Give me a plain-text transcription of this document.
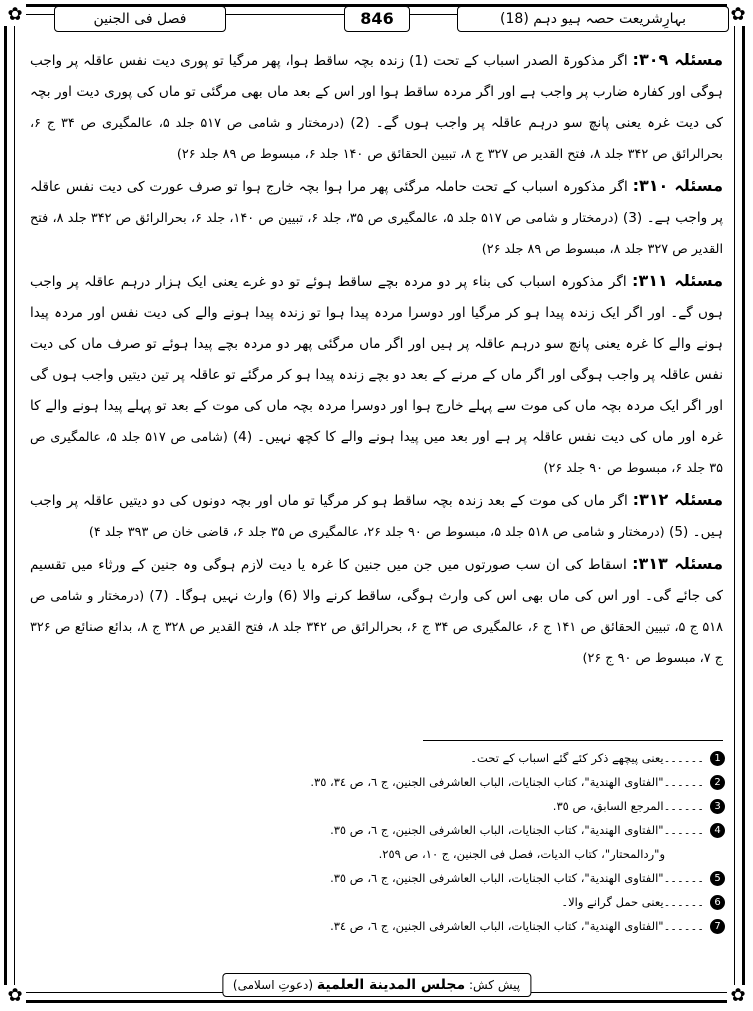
✿	✿
✿	✿
فصل فی الجنین	846	بہارِشریعت حصہ ہیو دہم (18)

مسئلہ ۳۰۹: اگر مذکورۃ الصدر اسباب کے تحت (1) زندہ بچہ ساقط ہوا، پھر مرگیا تو پوری دیت نفس عاقلہ پر واجب ہوگی اور کفارہ ضارب پر واجب ہے اور اگر مردہ ساقط ہوا اور اس کے بعد ماں بھی مرگئی تو ماں کی پوری دیت اور بچہ کی دیت غرہ یعنی پانچ سو درہم عاقلہ پر واجب ہوں گے۔ (2) (درمختار و شامی ص ۵۱۷ جلد ۵، عالمگیری ص ۳۴ ج ۶، بحرالرائق ص ۳۴۲ جلد ۸، فتح القدیر ص ۳۲۷ ج ۸، تبیین الحقائق ص ۱۴۰ جلد ۶، مبسوط ص ۸۹ جلد ۲۶)

مسئلہ ۳۱۰: اگر مذکورہ اسباب کے تحت حاملہ مرگئی پھر مرا ہوا بچہ خارج ہوا تو صرف عورت کی دیت نفس عاقلہ پر واجب ہے۔ (3) (درمختار و شامی ص ۵۱۷ جلد ۵، عالمگیری ص ۳۵، جلد ۶، تبیین ص ۱۴۰، جلد ۶، بحرالرائق ص ۳۴۲ جلد ۸، فتح القدیر ص ۳۲۷ جلد ۸، مبسوط ص ۸۹ جلد ۲۶)

مسئلہ ۳۱۱: اگر مذکورہ اسباب کی بناء پر دو مردہ بچے ساقط ہوئے تو دو غرے یعنی ایک ہزار درہم عاقلہ پر واجب ہوں گے۔ اور اگر ایک زندہ پیدا ہو کر مرگیا اور دوسرا مردہ پیدا ہوا تو زندہ پیدا ہونے والے کی دیت نفس اور مردہ پیدا ہونے والے کا غرہ یعنی پانچ سو درہم عاقلہ پر ہیں اور اگر ماں مرگئی پھر دو مردہ بچے پیدا ہوئے تو صرف ماں کی دیت نفس عاقلہ پر واجب ہوگی اور اگر ماں کے مرنے کے بعد دو بچے زندہ پیدا ہو کر مرگئے تو عاقلہ پر تین دیتیں واجب ہوں گی اور اگر ایک مردہ بچہ ماں کی موت سے پہلے خارج ہوا اور دوسرا مردہ بچہ ماں کی موت کے بعد تو پہلے پیدا ہونے والے کا غرہ اور ماں کی دیت نفس عاقلہ پر ہے اور بعد میں پیدا ہونے والے کا کچھ نہیں۔ (4) (شامی ص ۵۱۷ جلد ۵، عالمگیری ص ۳۵ جلد ۶، مبسوط ص ۹۰ جلد ۲۶)

مسئلہ ۳۱۲: اگر ماں کی موت کے بعد زندہ بچہ ساقط ہو کر مرگیا تو ماں اور بچہ دونوں کی دو دیتیں عاقلہ پر واجب ہیں۔ (5) (درمختار و شامی ص ۵۱۸ جلد ۵، مبسوط ص ۹۰ جلد ۲۶، عالمگیری ص ۳۵ جلد ۶، قاضی خان ص ۳۹۳ جلد ۴)

مسئلہ ۳۱۳: اسقاط کی ان سب صورتوں میں جن میں جنین کا غرہ یا دیت لازم ہوگی وہ جنین کے ورثاء میں تقسیم کی جائے گی۔ اور اس کی ماں بھی اس کی وارث ہوگی، ساقط کرنے والا (6) وارث نہیں ہوگا۔ (7) (درمختار و شامی ص ۵۱۸ ج ۵، تبیین الحقائق ص ۱۴۱ ج ۶، عالمگیری ص ۳۴ ج ۶، بحرالرائق ص ۳۴۲ جلد ۸، فتح القدیر ص ۳۲۸ ج ۸، بدائع صنائع ص ۳۲۶ ج ۷، مبسوط ص ۹۰ ج ۲۶)

1۔۔۔۔۔۔یعنی پیچھے ذکر کئے گئے اسباب کے تحت۔
2۔۔۔۔۔۔"الفتاوی الهندية"، كتاب الجنايات، الباب العاشرفى الجنين، ج ٦، ص ٣٤، ٣٥.
3۔۔۔۔۔۔المرجع السابق، ص ٣٥.
4۔۔۔۔۔۔"الفتاوی الهندية"، كتاب الجنايات، الباب العاشرفى الجنين، ج ٦، ص ٣٥.
و"ردالمحتار"، كتاب الديات، فصل فى الجنين، ج ١٠، ص ٢٥٩.
5۔۔۔۔۔۔"الفتاوی الهندية"، كتاب الجنايات، الباب العاشرفى الجنين، ج ٦، ص ٣٥.
6۔۔۔۔۔۔یعنی حمل گرانے والا۔
7۔۔۔۔۔۔"الفتاوی الهندية"، كتاب الجنايات، الباب العاشرفى الجنين، ج ٦، ص ٣٤.
پیش کش: مجلس المدينة العلمية (دعوتِ اسلامی)
